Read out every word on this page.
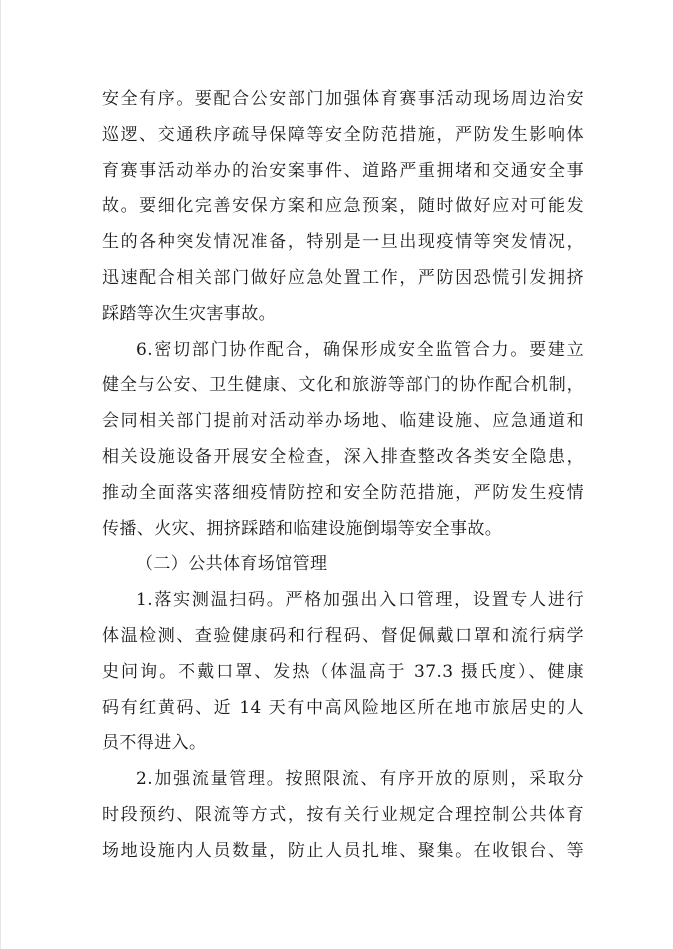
安全有序。要配合公安部门加强体育赛事活动现场周边治安
巡逻、交通秩序疏导保障等安全防范措施，严防发生影响体
育赛事活动举办的治安案事件、道路严重拥堵和交通安全事
故。要细化完善安保方案和应急预案，随时做好应对可能发
生的各种突发情况准备，特别是一旦出现疫情等突发情况，
迅速配合相关部门做好应急处置工作，严防因恐慌引发拥挤
踩踏等次生灾害事故。
6.密切部门协作配合，确保形成安全监管合力。要建立
健全与公安、卫生健康、文化和旅游等部门的协作配合机制，
会同相关部门提前对活动举办场地、临建设施、应急通道和
相关设施设备开展安全检查，深入排查整改各类安全隐患，
推动全面落实落细疫情防控和安全防范措施，严防发生疫情
传播、火灾、拥挤踩踏和临建设施倒塌等安全事故。
（二）公共体育场馆管理
1.落实测温扫码。严格加强出入口管理，设置专人进行
体温检测、查验健康码和行程码、督促佩戴口罩和流行病学
史问询。不戴口罩、发热（体温高于 37.3 摄氏度）、健康
码有红黄码、近 14 天有中高风险地区所在地市旅居史的人
员不得进入。
2.加强流量管理。按照限流、有序开放的原则，采取分
时段预约、限流等方式，按有关行业规定合理控制公共体育
场地设施内人员数量，防止人员扎堆、聚集。在收银台、等
